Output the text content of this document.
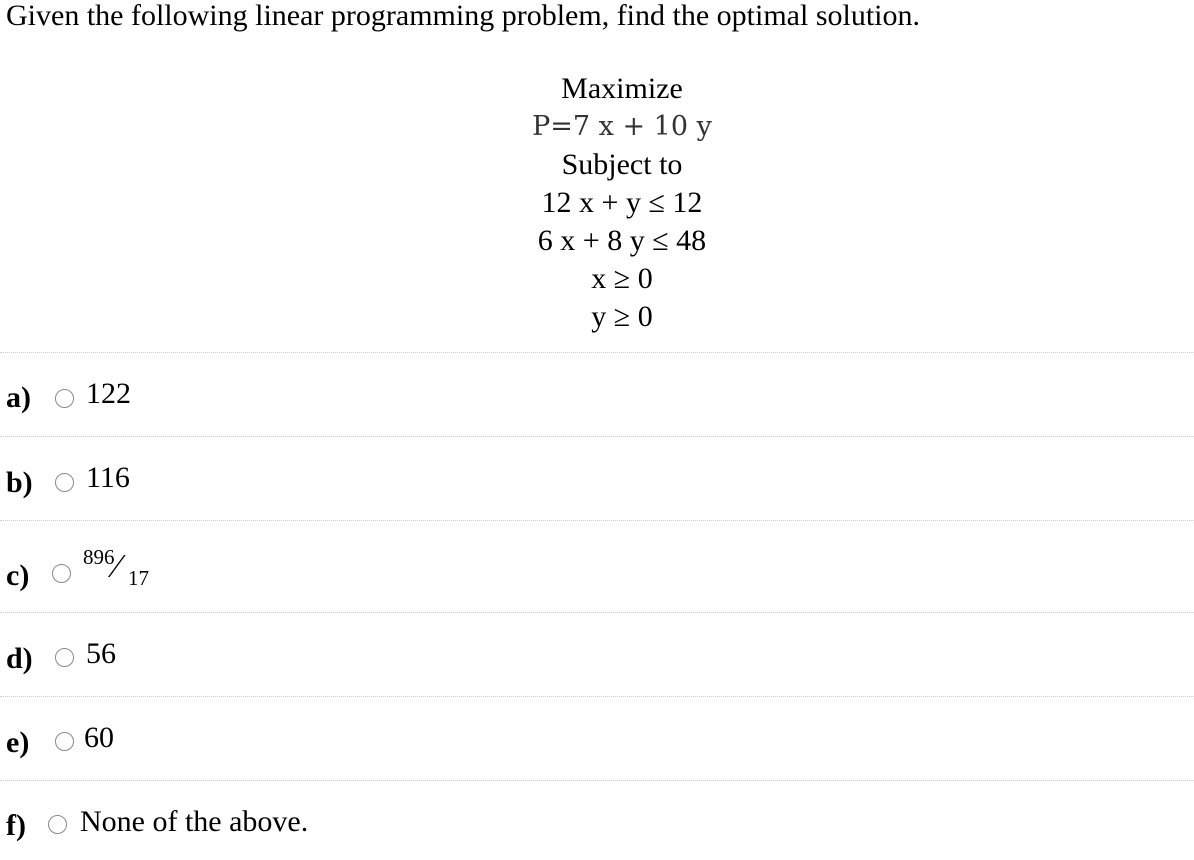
Given the following linear programming problem, find the optimal solution.
Maximize
P=7 x + 10 y
Subject to
12 x + y ≤ 12
6 x + 8 y ≤ 48
x ≥ 0
y ≥ 0
a) 122
b) 116
c)
896 ⁄ 17
d) 56
e) 60
f) None of the above.
